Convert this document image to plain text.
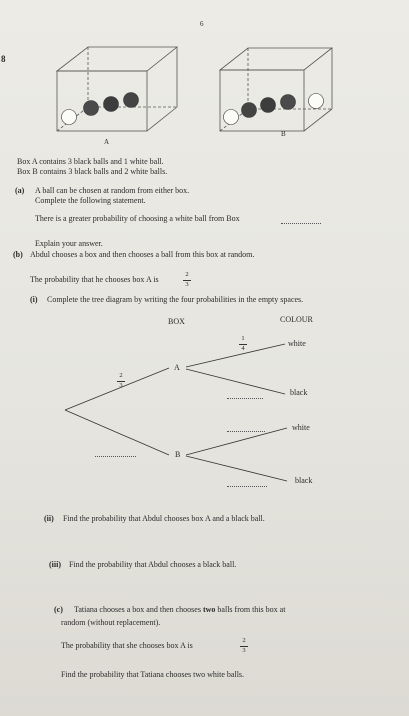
6
8
A
B
Box A contains 3 black balls and 1 white ball.
Box B contains 3 black balls and 2 white balls.
(a) A ball can be chosen at random from either box.
Complete the following statement.
There is a greater probability of choosing a white ball from Box
Explain your answer.
(b) Abdul chooses a box and then chooses a ball from this box at random.
The probability that he chooses box A is	$\frac{2}{3}$
(i) Complete the tree diagram by writing the four probabilities in the empty spaces.
BOX	COLOUR
$\frac{1}{4}$	white
$\frac{2}{3}$
A
black
white
B
black
(ii) Find the probability that Abdul chooses box A and a black ball.
(iii) Find the probability that Abdul chooses a black ball.
(c) Tatiana chooses a box and then chooses two balls from this box at
random (without replacement).
The probability that she chooses box A is	$\frac{2}{3}$
Find the probability that Tatiana chooses two white balls.
